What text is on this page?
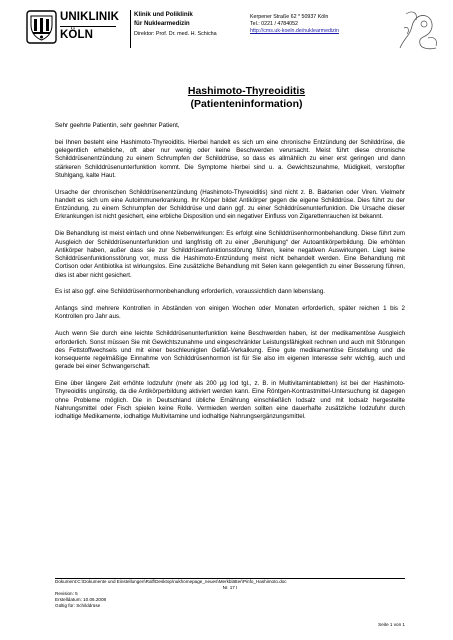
UNIKLINIK
KÖLN
Klinik und Poliklinik
für Nuklearmedizin
Direktor: Prof. Dr. med. H. Schicha
Kerpener Straße 62 * 50937 Köln
Tel.: 0221 / 4784052
http://cms.uk-koeln.de/nuklearmedizin
Hashimoto-Thyreoiditis
(Patienteninformation)

Sehr geehrte Patientin, sehr geehrter Patient,

bei Ihnen besteht eine Hashimoto-Thyreoiditis. Hierbei handelt es sich um eine chronische Entzündung der Schilddrüse, die gelegentlich erhebliche, oft aber nur wenig oder keine Beschwerden verursacht. Meist führt diese chronische Schilddrüsenentzündung zu einem Schrumpfen der Schilddrüse, so dass es allmählich zu einer erst geringen und dann stärkeren Schilddrüsenunterfunktion kommt. Die Symptome hierbei sind u. a. Gewichtszunahme, Müdigkeit, verstopfter Stuhlgang, kalte Haut.

Ursache der chronischen Schilddrüsenentzündung (Hashimoto-Thyreoiditis) sind nicht z. B. Bakterien oder Viren. Vielmehr handelt es sich um eine Autoimmunerkrankung. Ihr Körper bildet Antikörper gegen die eigene Schilddrüse. Dies führt zu der Entzündung, zu einem Schrumpfen der Schilddrüse und dann ggf. zu einer Schilddrüsenunterfunktion. Die Ursache dieser Erkrankungen ist nicht gesichert, eine erbliche Disposition und ein negativer Einfluss von Zigarettenrauchen ist bekannt.

Die Behandlung ist meist einfach und ohne Nebenwirkungen: Es erfolgt eine Schilddrüsenhormonbehandlung. Diese führt zum Ausgleich der Schilddrüsenunterfunktion und langfristig oft zu einer „Beruhigung“ der Autoantikörperbildung. Die erhöhten Antikörper haben, außer dass sie zur Schilddrüsenfunktionsstörung führen, keine negativen Auswirkungen. Liegt keine Schilddrüsenfunktionsstörung vor, muss die Hashimoto-Entzündung meist nicht behandelt werden. Eine Behandlung mit Cortison oder Antibiotika ist wirkungslos. Eine zusätzliche Behandlung mit Selen kann gelegentlich zu einer Besserung führen, dies ist aber nicht gesichert.

Es ist also ggf. eine Schilddrüsenhormonbehandlung erforderlich, voraussichtlich dann lebenslang.

Anfangs sind mehrere Kontrollen in Abständen von einigen Wochen oder Monaten erforderlich, später reichen 1 bis 2 Kontrollen pro Jahr aus.

Auch wenn Sie durch eine leichte Schilddrüsenunterfunktion keine Beschwerden haben, ist der medikamentöse Ausgleich erforderlich. Sonst müssen Sie mit Gewichtszunahme und eingeschränkter Leistungsfähigkeit rechnen und auch mit Störungen des Fettstoffwechsels und mit einer beschleunigten Gefäß-Verkalkung. Eine gute medikamentöse Einstellung und die konsequente regelmäßige Einnahme von Schilddrüsenhormon ist für Sie also im eigenen Interesse sehr wichtig, auch und gerade bei einer Schwangerschaft.

Eine über längere Zeit erhöhte Iodzufuhr (mehr als 200 µg Iod tgl., z. B. in Multivitamintabletten) ist bei der Hashimoto-Thyreoiditis ungünstig, da die Antikörperbildung aktiviert werden kann. Eine Röntgen-Kontrastmittel-Untersuchung ist dagegen ohne Probleme möglich. Die in Deutschland übliche Ernährung einschließlich Iodsalz und mit Iodsalz hergestellte Nahrungsmittel oder Fisch spielen keine Rolle. Vermieden werden sollten eine dauerhafte zusätzliche Iodzufuhr durch iodhaltige Medikamente, iodhaltige Multivitamine und iodhaltige Nahrungsergänzungsmittel.

Dokument:C:\Dokumente und Einstellungen\Ralf\Desktop\nukhomepage_neues\Merkblätter\Pinfo_Hashimoto.doc
Nr. 17 I
Revision: 5
Erstelldatum: 10.06.2008
Gültig für: Schilddrüse
Seite 1 von 1
